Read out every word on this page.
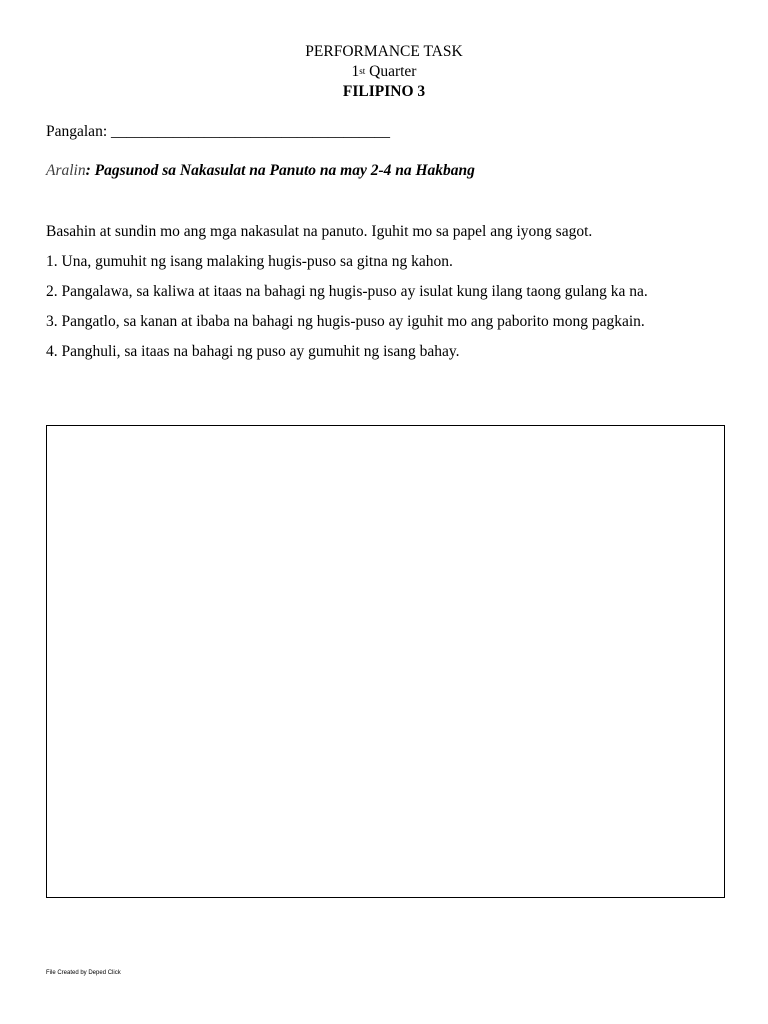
PERFORMANCE TASK
1st Quarter
FILIPINO 3
Pangalan: ____________________________________
Aralin: Pagsunod sa Nakasulat na Panuto na may 2-4 na Hakbang

Basahin at sundin mo ang mga nakasulat na panuto. Iguhit mo sa papel ang iyong sagot.

1. Una, gumuhit ng isang malaking hugis-puso sa gitna ng kahon.

2. Pangalawa, sa kaliwa at itaas na bahagi ng hugis-puso ay isulat kung ilang taong gulang ka na.

3. Pangatlo, sa kanan at ibaba na bahagi ng hugis-puso ay iguhit mo ang paborito mong pagkain.

4. Panghuli, sa itaas na bahagi ng puso ay gumuhit ng isang bahay.

File Created by Deped Click
